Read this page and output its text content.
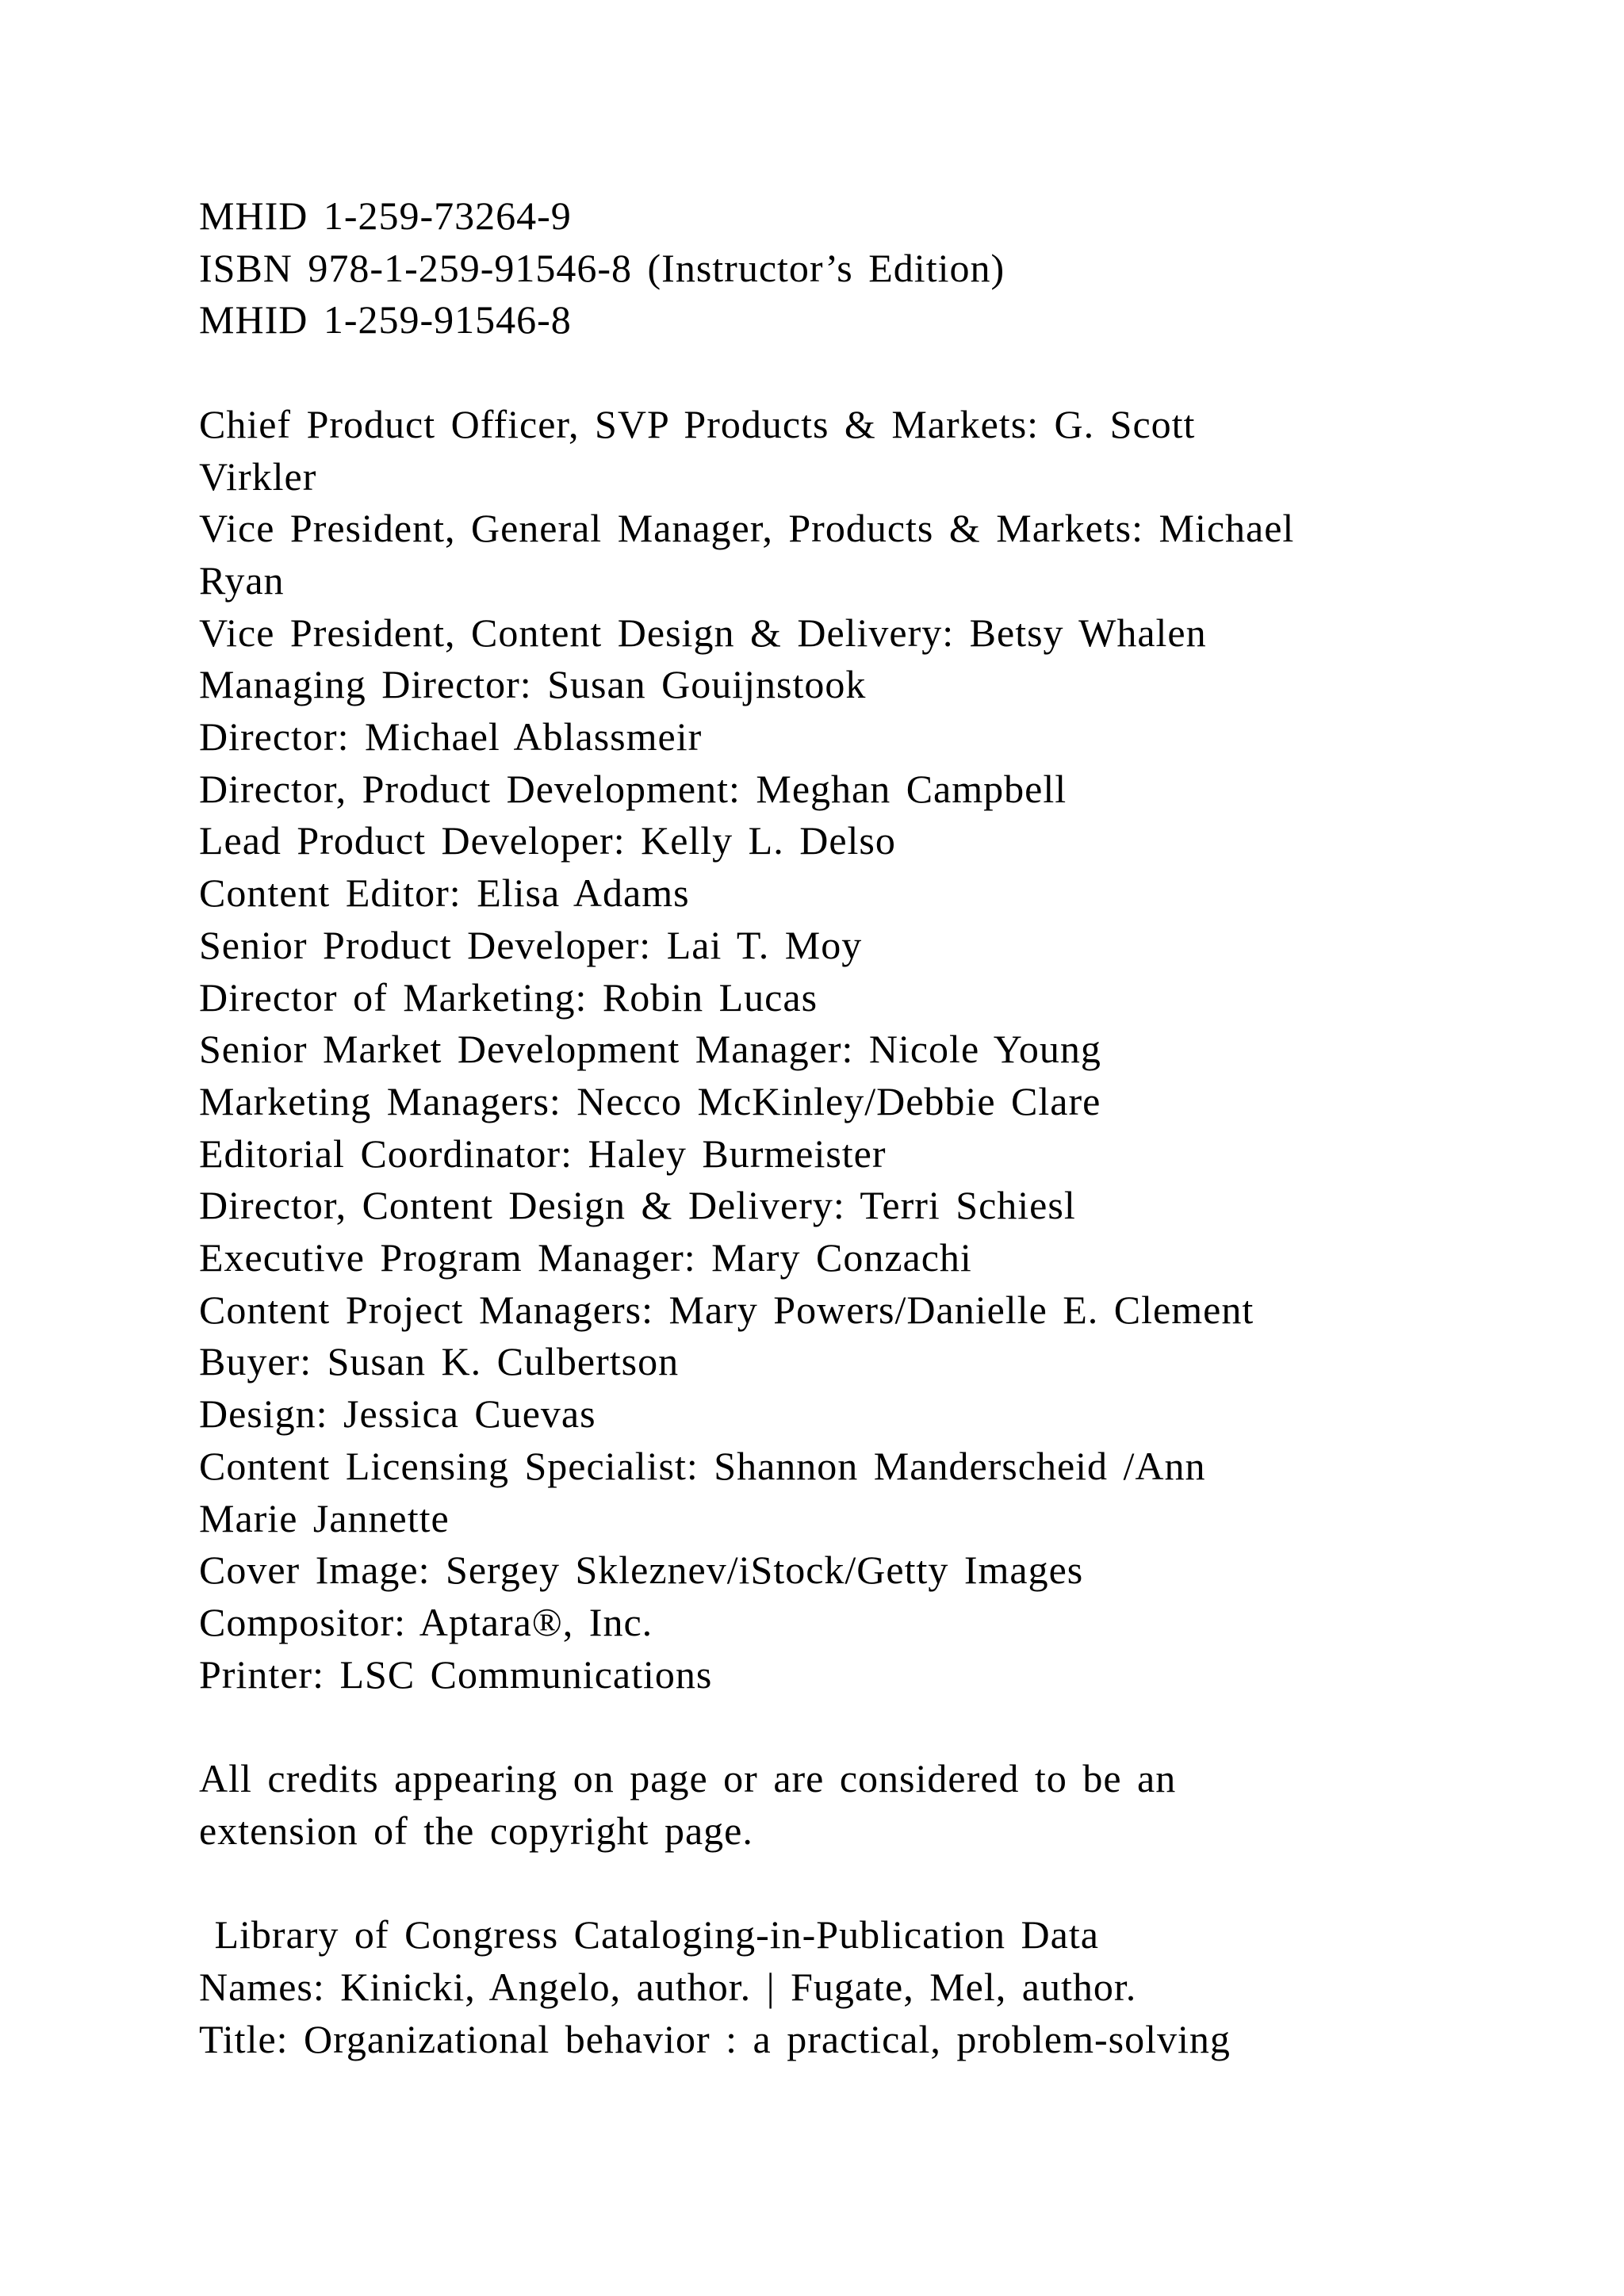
MHID 1-259-73264-9
ISBN 978-1-259-91546-8 (Instructor’s Edition)
MHID 1-259-91546-8
Chief Product Officer, SVP Products & Markets: G. Scott
Virkler
Vice President, General Manager, Products & Markets: Michael
Ryan
Vice President, Content Design & Delivery: Betsy Whalen
Managing Director: Susan Gouijnstook
Director: Michael Ablassmeir
Director, Product Development: Meghan Campbell
Lead Product Developer: Kelly L. Delso
Content Editor: Elisa Adams
Senior Product Developer: Lai T. Moy
Director of Marketing: Robin Lucas
Senior Market Development Manager: Nicole Young
Marketing Managers: Necco McKinley/Debbie Clare
Editorial Coordinator: Haley Burmeister
Director, Content Design & Delivery: Terri Schiesl
Executive Program Manager: Mary Conzachi
Content Project Managers: Mary Powers/Danielle E. Clement
Buyer: Susan K. Culbertson
Design: Jessica Cuevas
Content Licensing Specialist: Shannon Manderscheid /Ann
Marie Jannette
Cover Image: Sergey Skleznev/iStock/Getty Images
Compositor: Aptara®, Inc.
Printer: LSC Communications
All credits appearing on page or are considered to be an
extension of the copyright page.
Library of Congress Cataloging-in-Publication Data
Names: Kinicki, Angelo, author. | Fugate, Mel, author.
Title: Organizational behavior : a practical, problem-solving
